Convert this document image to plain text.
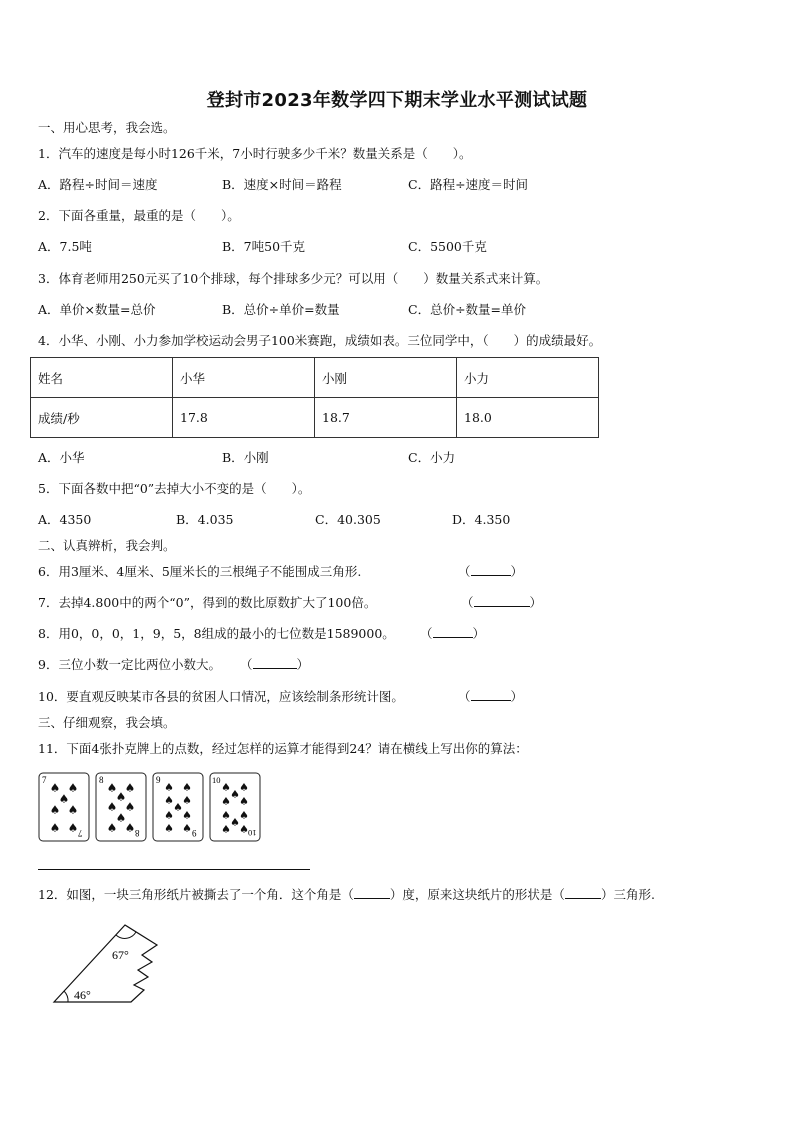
登封市2023年数学四下期末学业水平测试试题
一、用心思考，我会选。
1．汽车的速度是每小时126千米，7小时行驶多少千米？数量关系是（　　）。
A．路程÷时间＝速度	B．速度×时间＝路程	C．路程÷速度＝时间
2．下面各重量，最重的是（　　）。
A．7.5吨	B．7吨50千克	C．5500千克
3．体育老师用250元买了10个排球，每个排球多少元？可以用（　　）数量关系式来计算。
A．单价×数量=总价	B．总价÷单价=数量	C．总价÷数量=单价
4．小华、小刚、小力参加学校运动会男子100米赛跑，成绩如表。三位同学中，（　　）的成绩最好。
姓名	小华	小刚	小力
成绩/秒	17.8	18.7	18.0
A．小华	B．小刚	C．小力
5．下面各数中把“0”去掉大小不变的是（　　）。
A．4350	B．4.035	C．40.305	D．4.350
二、认真辨析，我会判。
6．用3厘米、4厘米、5厘米长的三根绳子不能围成三角形.	（	）
7．去掉4.800中的两个“0”，得到的数比原数扩大了100倍。	（	）
8．用0，0，0，1，9，5，8组成的最小的七位数是1589000。 （	）
9．三位小数一定比两位小数大。 （	）
10．要直观反映某市各县的贫困人口情况，应该绘制条形统计图。	（	）
三、仔细观察，我会填。
11．下面4张扑克牌上的点数，经过怎样的运算才能得到24？请在横线上写出你的算法：
7
7
♠ ♠
♠
♠ ♠
♠ ♠
8
8
♠ ♠
♠
♠ ♠
♠
♠ ♠
9
9
♠ ♠
♠ ♠
♠
♠ ♠
♠ ♠
10
10
♠ ♠
♠
♠ ♠
♠ ♠
♠
♠ ♠
12．如图，一块三角形纸片被撕去了一个角．这个角是（	）度，原来这块纸片的形状是（	）三角形.
67°
46°
